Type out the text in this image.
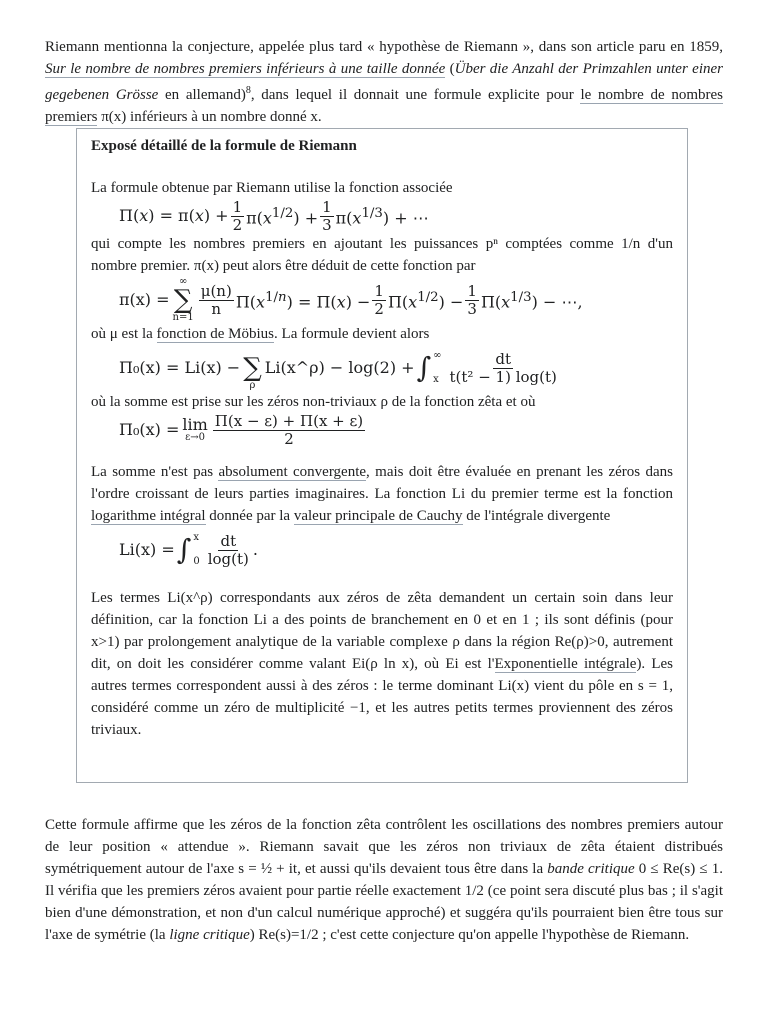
Riemann mentionna la conjecture, appelée plus tard « hypothèse de Riemann », dans son article paru en 1859, Sur le nombre de nombres premiers inférieurs à une taille donnée (Über die Anzahl der Primzahlen unter einer gegebenen Grösse en allemand)$^8$, dans lequel il donnait une formule explicite pour le nombre de nombres premiers π(x) inférieurs à un nombre donné x.

Exposé détaillé de la formule de Riemann

La formule obtenue par Riemann utilise la fonction associée

$\Pi(x) = \pi(x) + \frac{1}{2} \pi(x^{1/2}) + \frac{1}{3} \pi(x^{1/3})$ + ⋯

qui compte les nombres premiers en ajoutant les puissances pⁿ comptées comme 1/n d'un nombre premier. π(x) peut alors être déduit de cette fonction par

π(x) =
∞
∑
n=1
$\frac{\mu(n)}{n} \Pi(x^{1/n}) = \Pi(x) - \frac{1}{2} \Pi(x^{1/2}) - \frac{1}{3} \Pi(x^{1/3})$ − ⋯,

où μ est la fonction de Möbius. La formule devient alors

Π₀(x) = Li(x) −
∑
ρ
Li(x^ρ) − log(2) + ∫ ∞
x $\frac{dt}{\text{t(t² − 1) log(t)}}$

où la somme est prise sur les zéros non-triviaux ρ de la fonction zêta et où

Π₀(x) = lim
$\varepsilon\to 0 \frac{\Pi(x - \varepsilon) + \Pi(x + \varepsilon)}{2}$

La somme n'est pas absolument convergente, mais doit être évaluée en prenant les zéros dans l'ordre croissant de leurs parties imaginaires. La fonction Li du premier terme est la fonction logarithme intégral donnée par la valeur principale de Cauchy de l'intégrale divergente

Li(x) = ∫ x
$0 \frac{dt}{\log(t)}$ .

Les termes Li(x^ρ) correspondants aux zéros de zêta demandent un certain soin dans leur définition, car la fonction Li a des points de branchement en 0 et en 1 ; ils sont définis (pour x>1) par prolongement analytique de la variable complexe ρ dans la région Re(ρ)>0, autrement dit, on doit les considérer comme valant Ei(ρ ln x), où Ei est l'Exponentielle intégrale). Les autres termes correspondent aussi à des zéros : le terme dominant Li(x) vient du pôle en s = 1, considéré comme un zéro de multiplicité −1, et les autres petits termes proviennent des zéros triviaux.

Cette formule affirme que les zéros de la fonction zêta contrôlent les oscillations des nombres premiers autour de leur position « attendue ». Riemann savait que les zéros non triviaux de zêta étaient distribués symétriquement autour de l'axe s = ½ + it, et aussi qu'ils devaient tous être dans la bande critique 0 ≤ Re(s) ≤ 1. Il vérifia que les premiers zéros avaient pour partie réelle exactement 1/2 (ce point sera discuté plus bas ; il s'agit bien d'une démonstration, et non d'un calcul numérique approché) et suggéra qu'ils pourraient bien être tous sur l'axe de symétrie (la ligne critique) Re(s)=1/2 ; c'est cette conjecture qu'on appelle l'hypothèse de Riemann.
